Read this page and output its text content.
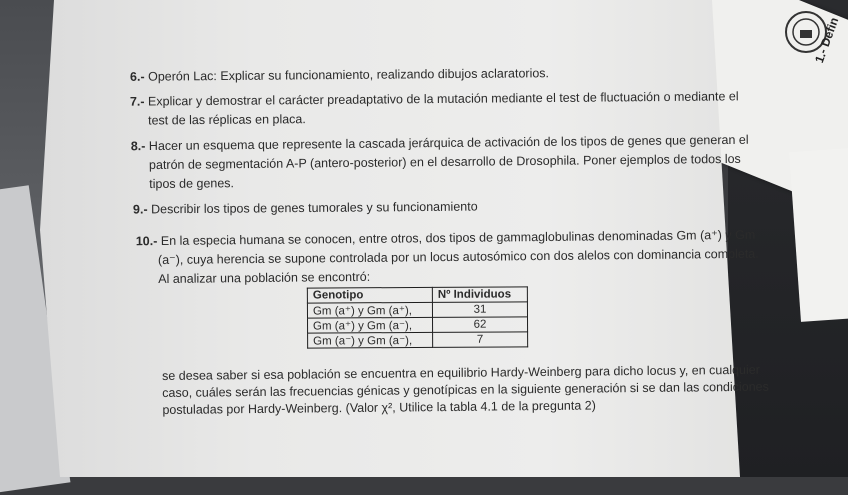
1.- Defin
6.- Operón Lac: Explicar su funcionamiento, realizando dibujos aclaratorios.
7.- Explicar y demostrar el carácter preadaptativo de la mutación mediante el test de fluctuación o mediante el
test de las réplicas en placa.
8.- Hacer un esquema que represente la cascada jerárquica de activación de los tipos de genes que generan el
patrón de segmentación A-P (antero-posterior) en el desarrollo de Drosophila. Poner ejemplos de todos los
tipos de genes.
9.- Describir los tipos de genes tumorales y su funcionamiento
10.- En la especia humana se conocen, entre otros, dos tipos de gammaglobulinas denominadas Gm (a⁺) y Gm
(a⁻), cuya herencia se supone controlada por un locus autosómico con dos alelos con dominancia completa.
Al analizar una población se encontró:
Genotipo	Nº Individuos
Gm (a⁺) y Gm (a⁺),	31
Gm (a⁺) y Gm (a⁻),	62
Gm (a⁻) y Gm (a⁻),	7
se desea saber si esa población se encuentra en equilibrio Hardy-Weinberg para dicho locus y, en cualquier
caso, cuáles serán las frecuencias génicas y genotípicas en la siguiente generación si se dan las condiciones
postuladas por Hardy-Weinberg. (Valor χ², Utilice la tabla 4.1 de la pregunta 2)
